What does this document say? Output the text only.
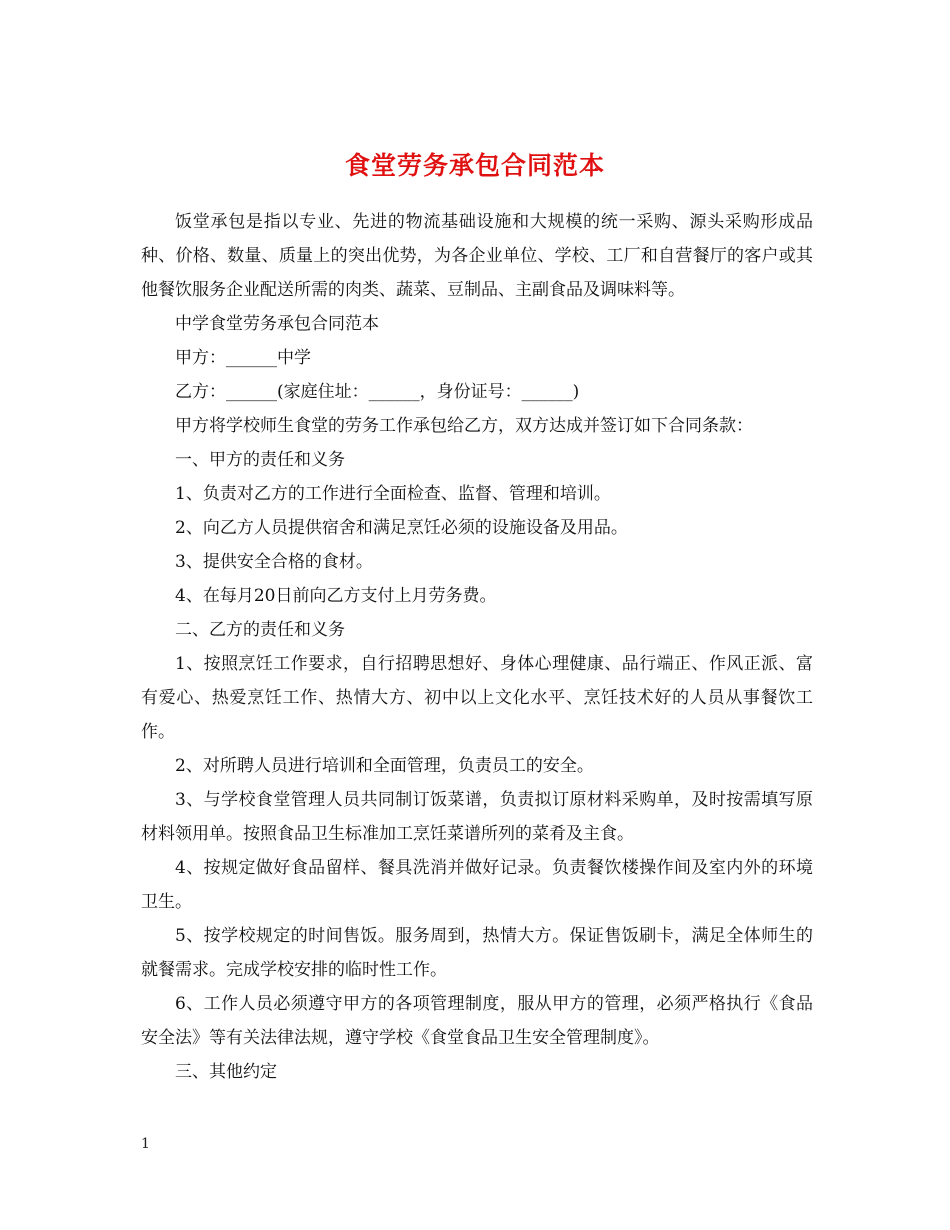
食堂劳务承包合同范本

饭堂承包是指以专业、先进的物流基础设施和大规模的统一采购、源头采购形成品种、价格、数量、质量上的突出优势，为各企业单位、学校、工厂和自营餐厅的客户或其他餐饮服务企业配送所需的肉类、蔬菜、豆制品、主副食品及调味料等。

中学食堂劳务承包合同范本

甲方：______中学

乙方：______(家庭住址：______，身份证号：______)

甲方将学校师生食堂的劳务工作承包给乙方，双方达成并签订如下合同条款：

一、甲方的责任和义务

1、负责对乙方的工作进行全面检查、监督、管理和培训。

2、向乙方人员提供宿舍和满足烹饪必须的设施设备及用品。

3、提供安全合格的食材。

4、在每月20日前向乙方支付上月劳务费。

二、乙方的责任和义务

1、按照烹饪工作要求，自行招聘思想好、身体心理健康、品行端正、作风正派、富有爱心、热爱烹饪工作、热情大方、初中以上文化水平、烹饪技术好的人员从事餐饮工作。

2、对所聘人员进行培训和全面管理，负责员工的安全。

3、与学校食堂管理人员共同制订饭菜谱，负责拟订原材料采购单，及时按需填写原材料领用单。按照食品卫生标准加工烹饪菜谱所列的菜肴及主食。

4、按规定做好食品留样、餐具洗消并做好记录。负责餐饮楼操作间及室内外的环境卫生。

5、按学校规定的时间售饭。服务周到，热情大方。保证售饭刷卡，满足全体师生的就餐需求。完成学校安排的临时性工作。

6、工作人员必须遵守甲方的各项管理制度，服从甲方的管理，必须严格执行《食品安全法》等有关法律法规，遵守学校《食堂食品卫生安全管理制度》。

三、其他约定

1
